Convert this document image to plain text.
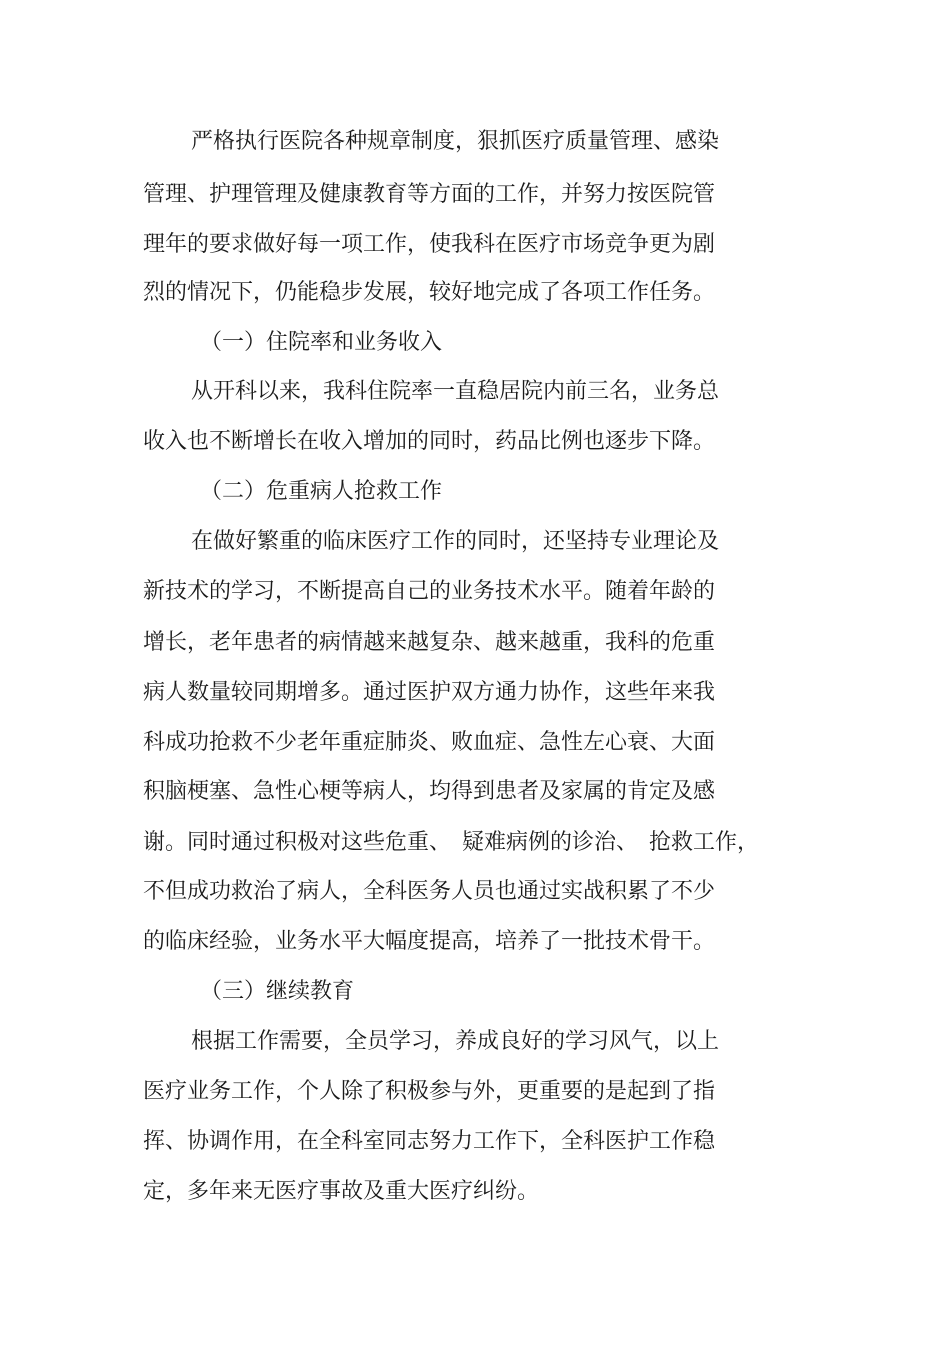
严格执行医院各种规章制度，狠抓医疗质量管理、感染
管理、护理管理及健康教育等方面的工作，并努力按医院管
理年的要求做好每一项工作，使我科在医疗市场竞争更为剧
烈的情况下，仍能稳步发展，较好地完成了各项工作任务。
（一）住院率和业务收入
从开科以来，我科住院率一直稳居院内前三名，业务总
收入也不断增长在收入增加的同时，药品比例也逐步下降。
（二）危重病人抢救工作
在做好繁重的临床医疗工作的同时，还坚持专业理论及
新技术的学习，不断提高自己的业务技术水平。随着年龄的
增长，老年患者的病情越来越复杂、越来越重，我科的危重
病人数量较同期增多。通过医护双方通力协作，这些年来我
科成功抢救不少老年重症肺炎、败血症、急性左心衰、大面
积脑梗塞、急性心梗等病人，均得到患者及家属的肯定及感
谢。同时通过积极对这些危重、　疑难病例的诊治、　抢救工作，
不但成功救治了病人，全科医务人员也通过实战积累了不少
的临床经验，业务水平大幅度提高，培养了一批技术骨干。
（三）继续教育
根据工作需要，全员学习，养成良好的学习风气，以上
医疗业务工作，个人除了积极参与外，更重要的是起到了指
挥、协调作用，在全科室同志努力工作下，全科医护工作稳
定，多年来无医疗事故及重大医疗纠纷。
